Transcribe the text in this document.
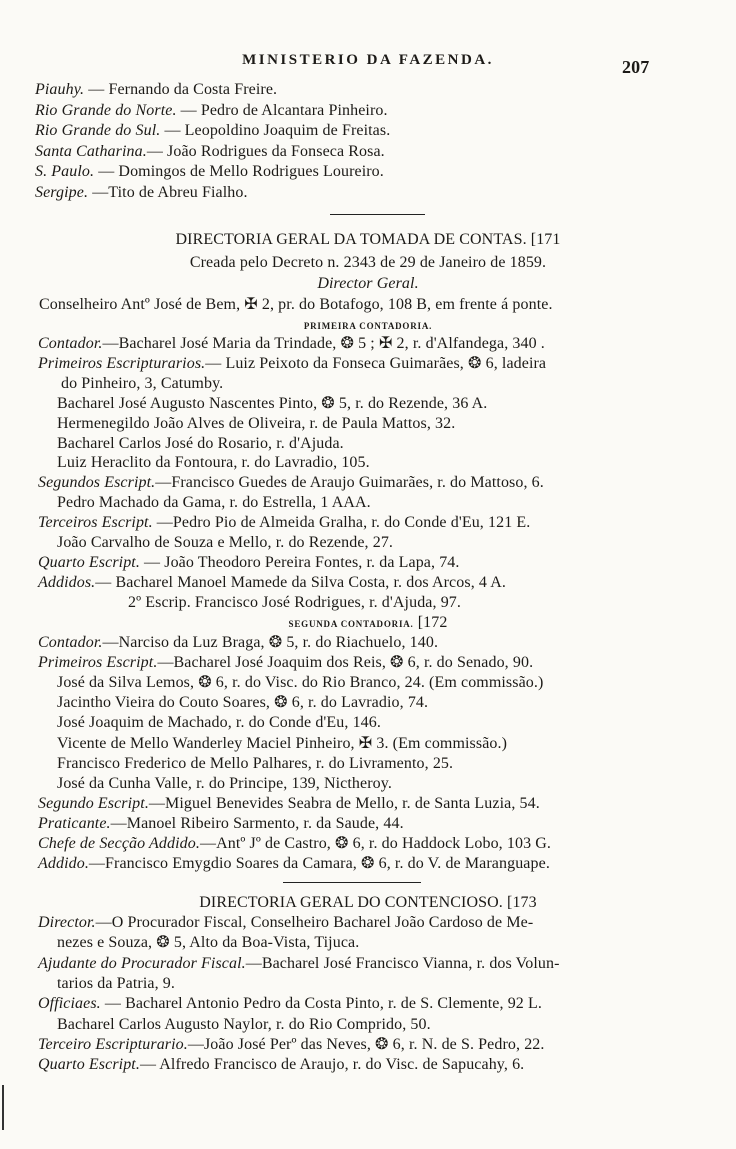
MINISTERIO DA FAZENDA.	207
Piauhy. — Fernando da Costa Freire.
Rio Grande do Norte. — Pedro de Alcantara Pinheiro.
Rio Grande do Sul. — Leopoldino Joaquim de Freitas.
Santa Catharina.— João Rodrigues da Fonseca Rosa.
S. Paulo. — Domingos de Mello Rodrigues Loureiro.
Sergipe. —Tito de Abreu Fialho.
DIRECTORIA GERAL DA TOMADA DE CONTAS. [171
Creada pelo Decreto n. 2343 de 29 de Janeiro de 1859.
Director Geral.
Conselheiro Antº José de Bem, ✠ 2, pr. do Botafogo, 108 B, em frente á ponte.
PRIMEIRA CONTADORIA.
Contador.—Bacharel José Maria da Trindade, ❂ 5 ; ✠ 2, r. d'Alfandega, 340 .
Primeiros Escripturarios.— Luiz Peixoto da Fonseca Guimarães, ❂ 6, ladeira
do Pinheiro, 3, Catumby.
Bacharel José Augusto Nascentes Pinto, ❂ 5, r. do Rezende, 36 A.
Hermenegildo João Alves de Oliveira, r. de Paula Mattos, 32.
Bacharel Carlos José do Rosario, r. d'Ajuda.
Luiz Heraclito da Fontoura, r. do Lavradio, 105.
Segundos Escript.—Francisco Guedes de Araujo Guimarães, r. do Mattoso, 6.
Pedro Machado da Gama, r. do Estrella, 1 AAA.
Terceiros Escript. —Pedro Pio de Almeida Gralha, r. do Conde d'Eu, 121 E.
João Carvalho de Souza e Mello, r. do Rezende, 27.
Quarto Escript. — João Theodoro Pereira Fontes, r. da Lapa, 74.
Addidos.— Bacharel Manoel Mamede da Silva Costa, r. dos Arcos, 4 A.
2º Escrip. Francisco José Rodrigues, r. d'Ajuda, 97.
SEGUNDA CONTADORIA. [172
Contador.—Narciso da Luz Braga, ❂ 5, r. do Riachuelo, 140.
Primeiros Escript.—Bacharel José Joaquim dos Reis, ❂ 6, r. do Senado, 90.
José da Silva Lemos, ❂ 6, r. do Visc. do Rio Branco, 24. (Em commissão.)
Jacintho Vieira do Couto Soares, ❂ 6, r. do Lavradio, 74.
José Joaquim de Machado, r. do Conde d'Eu, 146.
Vicente de Mello Wanderley Maciel Pinheiro, ✠ 3. (Em commissão.)
Francisco Frederico de Mello Palhares, r. do Livramento, 25.
José da Cunha Valle, r. do Principe, 139, Nictheroy.
Segundo Escript.—Miguel Benevides Seabra de Mello, r. de Santa Luzia, 54.
Praticante.—Manoel Ribeiro Sarmento, r. da Saude, 44.
Chefe de Secção Addido.—Antº Jº de Castro, ❂ 6, r. do Haddock Lobo, 103 G.
Addido.—Francisco Emygdio Soares da Camara, ❂ 6, r. do V. de Maranguape.
DIRECTORIA GERAL DO CONTENCIOSO. [173
Director.—O Procurador Fiscal, Conselheiro Bacharel João Cardoso de Me-
nezes e Souza, ❂ 5, Alto da Boa-Vista, Tijuca.
Ajudante do Procurador Fiscal.—Bacharel José Francisco Vianna, r. dos Volun-
tarios da Patria, 9.
Officiaes. — Bacharel Antonio Pedro da Costa Pinto, r. de S. Clemente, 92 L.
Bacharel Carlos Augusto Naylor, r. do Rio Comprido, 50.
Terceiro Escripturario.—João José Perº das Neves, ❂ 6, r. N. de S. Pedro, 22.
Quarto Escript.— Alfredo Francisco de Araujo, r. do Visc. de Sapucahy, 6.
